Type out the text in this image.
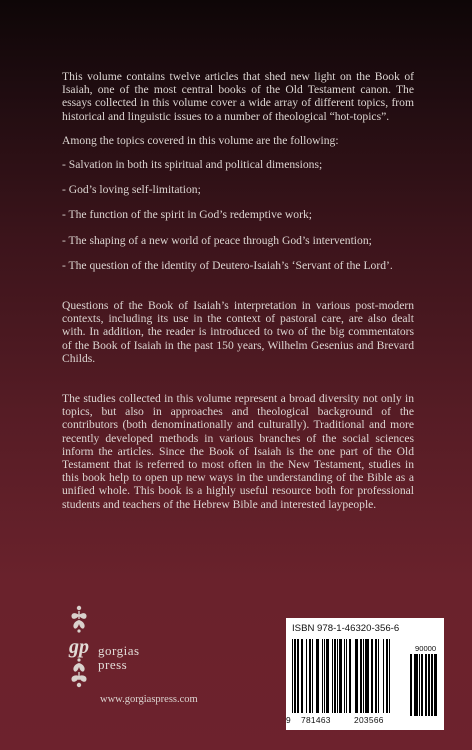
This volume contains twelve articles that shed new light on the Book of Isaiah, one of the most central books of the Old Testament canon. The essays collected in this volume cover a wide array of different topics, from historical and linguistic issues to a number of theological “hot-topics”.

Among the topics covered in this volume are the following:

- Salvation in both its spiritual and political dimensions;

- God’s loving self-limitation;

- The function of the spirit in God’s redemptive work;

- The shaping of a new world of peace through God’s intervention;

- The question of the identity of Deutero-Isaiah’s ‘Servant of the Lord’.

Questions of the Book of Isaiah’s interpretation in various post-modern contexts, including its use in the context of pastoral care, are also dealt with. In addition, the reader is introduced to two of the big commentators of the Book of Isaiah in the past 150 years, Wilhelm Gesenius and Brevard Childs.

The studies collected in this volume represent a broad diversity not only in topics, but also in approaches and theological background of the contributors (both denominationally and culturally). Traditional and more recently developed methods in various branches of the social sciences inform the articles. Since the Book of Isaiah is the one part of the Old Testament that is referred to most often in the New Testament, studies in this book help to open up new ways in the understanding of the Bible as a unified whole. This book is a highly useful resource both for professional students and teachers of the Hebrew Bible and interested laypeople.

gp gorgias
press
www.gorgiaspress.com
ISBN 978-1-46320-356-6
90000
9 781463	203566
